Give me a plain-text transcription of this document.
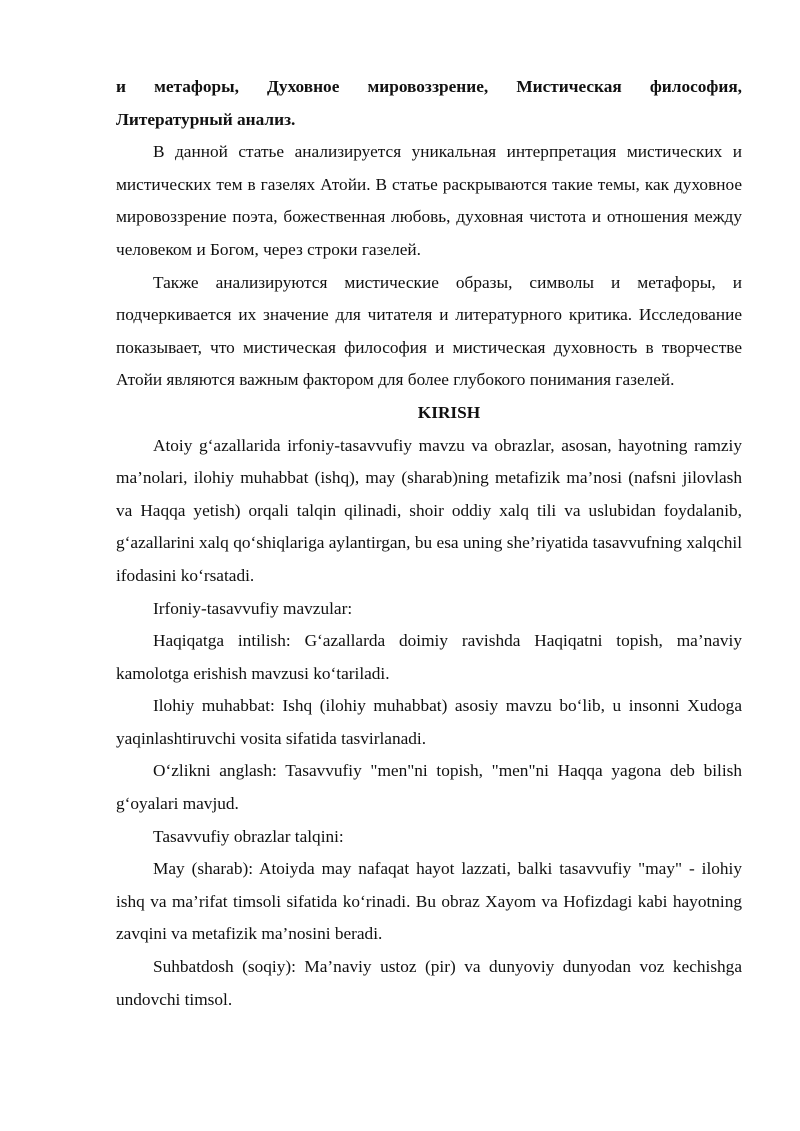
и метафоры, Духовное мировоззрение, Мистическая философия, Литературный анализ.

В данной статье анализируется уникальная интерпретация мистических и мистических тем в газелях Атойи. В статье раскрываются такие темы, как духовное мировоззрение поэта, божественная любовь, духовная чистота и отношения между человеком и Богом, через строки газелей.

Также анализируются мистические образы, символы и метафоры, и подчеркивается их значение для читателя и литературного критика. Исследование показывает, что мистическая философия и мистическая духовность в творчестве Атойи являются важным фактором для более глубокого понимания газелей.

KIRISH

Atoiy g‘azallarida irfoniy-tasavvufiy mavzu va obrazlar, asosan, hayotning ramziy ma’nolari, ilohiy muhabbat (ishq), may (sharab)ning metafizik ma’nosi (nafsni jilovlash va Haqqa yetish) orqali talqin qilinadi, shoir oddiy xalq tili va uslubidan foydalanib, g‘azallarini xalq qo‘shiqlariga aylantirgan, bu esa uning she’riyatida tasavvufning xalqchil ifodasini ko‘rsatadi.

Irfoniy-tasavvufiy mavzular:

Haqiqatga intilish: G‘azallarda doimiy ravishda Haqiqatni topish, ma’naviy kamolotga erishish mavzusi ko‘tariladi.

Ilohiy muhabbat: Ishq (ilohiy muhabbat) asosiy mavzu bo‘lib, u insonni Xudoga yaqinlashtiruvchi vosita sifatida tasvirlanadi.

O‘zlikni anglash: Tasavvufiy "men"ni topish, "men"ni Haqqa yagona deb bilish g‘oyalari mavjud.

Tasavvufiy obrazlar talqini:

May (sharab): Atoiyda may nafaqat hayot lazzati, balki tasavvufiy "may" - ilohiy ishq va ma’rifat timsoli sifatida ko‘rinadi. Bu obraz Xayom va Hofizdagi kabi hayotning zavqini va metafizik ma’nosini beradi.

Suhbatdosh (soqiy): Ma’naviy ustoz (pir) va dunyoviy dunyodan voz kechishga undovchi timsol.
